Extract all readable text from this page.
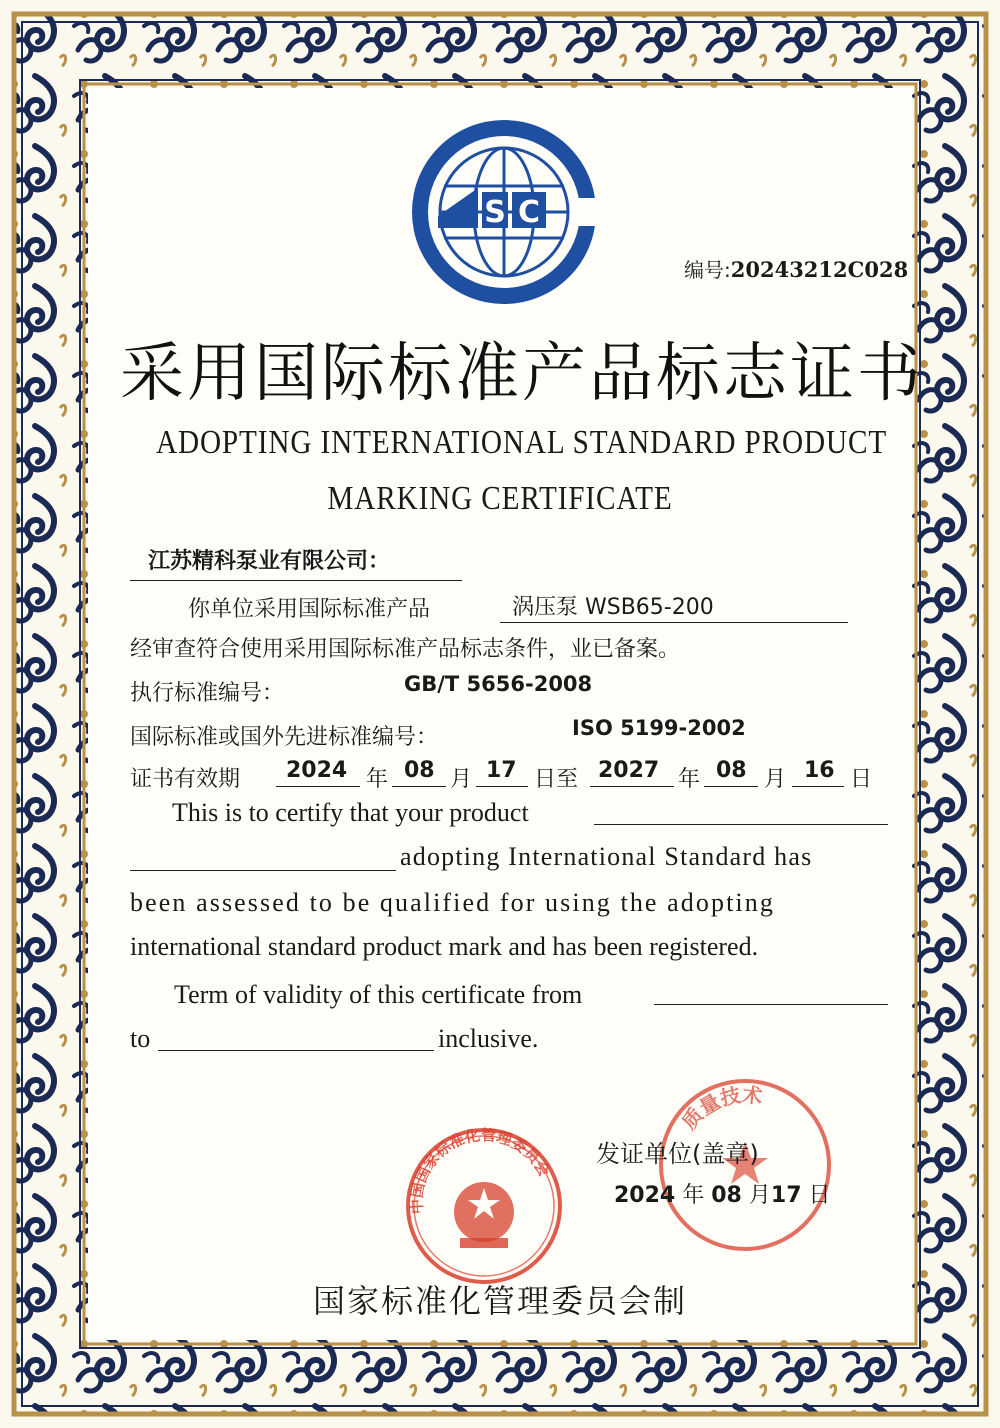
S C
编号:20243212C028
采用国际标准产品标志证书
ADOPTING INTERNATIONAL STANDARD PRODUCT
MARKING CERTIFICATE
江苏精科泵业有限公司：
你单位采用国际标准产品	涡压泵 WSB65-200
经审查符合使用采用国际标准产品标志条件，业已备案。
执行标准编号：	GB/T 5656-2008
国际标准或国外先进标准编号：	ISO 5199-2002
证书有效期 2024 年 08 月 17 日至 2027 年 08 月 16 日
This is to certify that your product
adopting International Standard has
been assessed to be qualified for using the adopting
international standard product mark and has been registered.
Term of validity of this certificate from
to	inclusive.
中国国家标准化管理委员会
质量技术
发证单位(盖章)
2024 年 08 月17 日
国家标准化管理委员会制
